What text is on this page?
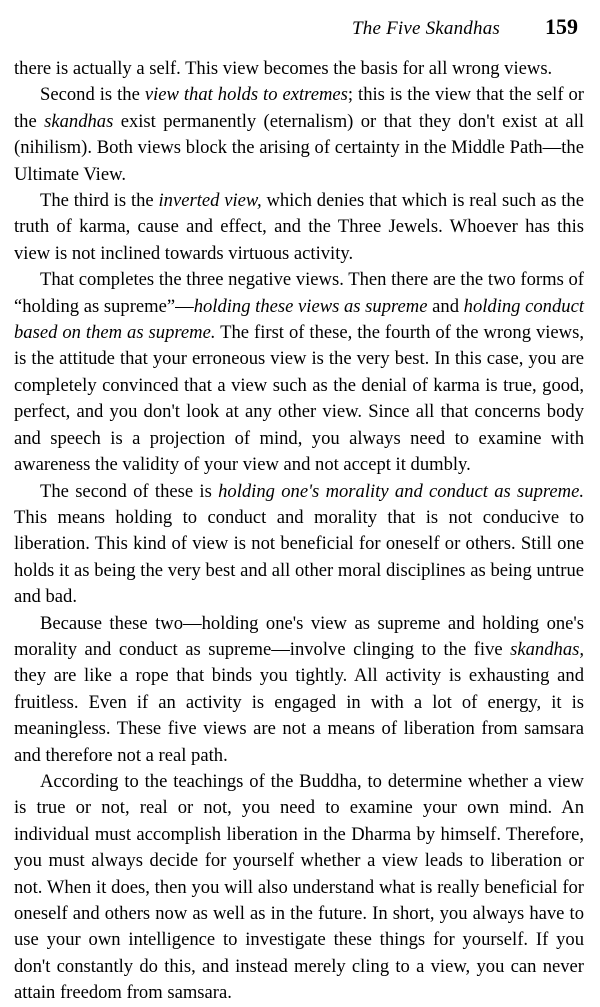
The Five Skandhas	159

there is actually a self. This view becomes the basis for all wrong views.

Second is the view that holds to extremes; this is the view that the self or the skandhas exist permanently (eternalism) or that they don't exist at all (nihilism). Both views block the arising of certainty in the Middle Path—the Ultimate View.

The third is the inverted view, which denies that which is real such as the truth of karma, cause and effect, and the Three Jewels. Whoever has this view is not inclined towards virtuous activity.

That completes the three negative views. Then there are the two forms of “holding as supreme”—holding these views as supreme and holding conduct based on them as supreme. The first of these, the fourth of the wrong views, is the attitude that your erroneous view is the very best. In this case, you are completely convinced that a view such as the denial of karma is true, good, perfect, and you don't look at any other view. Since all that concerns body and speech is a projection of mind, you always need to examine with awareness the validity of your view and not accept it dumbly.

The second of these is holding one's morality and conduct as supreme. This means holding to conduct and morality that is not conducive to liberation. This kind of view is not beneficial for oneself or others. Still one holds it as being the very best and all other moral disciplines as being untrue and bad.

Because these two—holding one's view as supreme and holding one's morality and conduct as supreme—involve clinging to the five skandhas, they are like a rope that binds you tightly. All activity is exhausting and fruitless. Even if an activity is engaged in with a lot of energy, it is meaningless. These five views are not a means of liberation from samsara and therefore not a real path.

According to the teachings of the Buddha, to determine whether a view is true or not, real or not, you need to examine your own mind. An individual must accomplish liberation in the Dharma by himself. Therefore, you must always decide for yourself whether a view leads to liberation or not. When it does, then you will also understand what is really beneficial for oneself and others now as well as in the future. In short, you always have to use your own intelligence to investigate these things for yourself. If you don't constantly do this, and instead merely cling to a view, you can never attain freedom from samsara.
